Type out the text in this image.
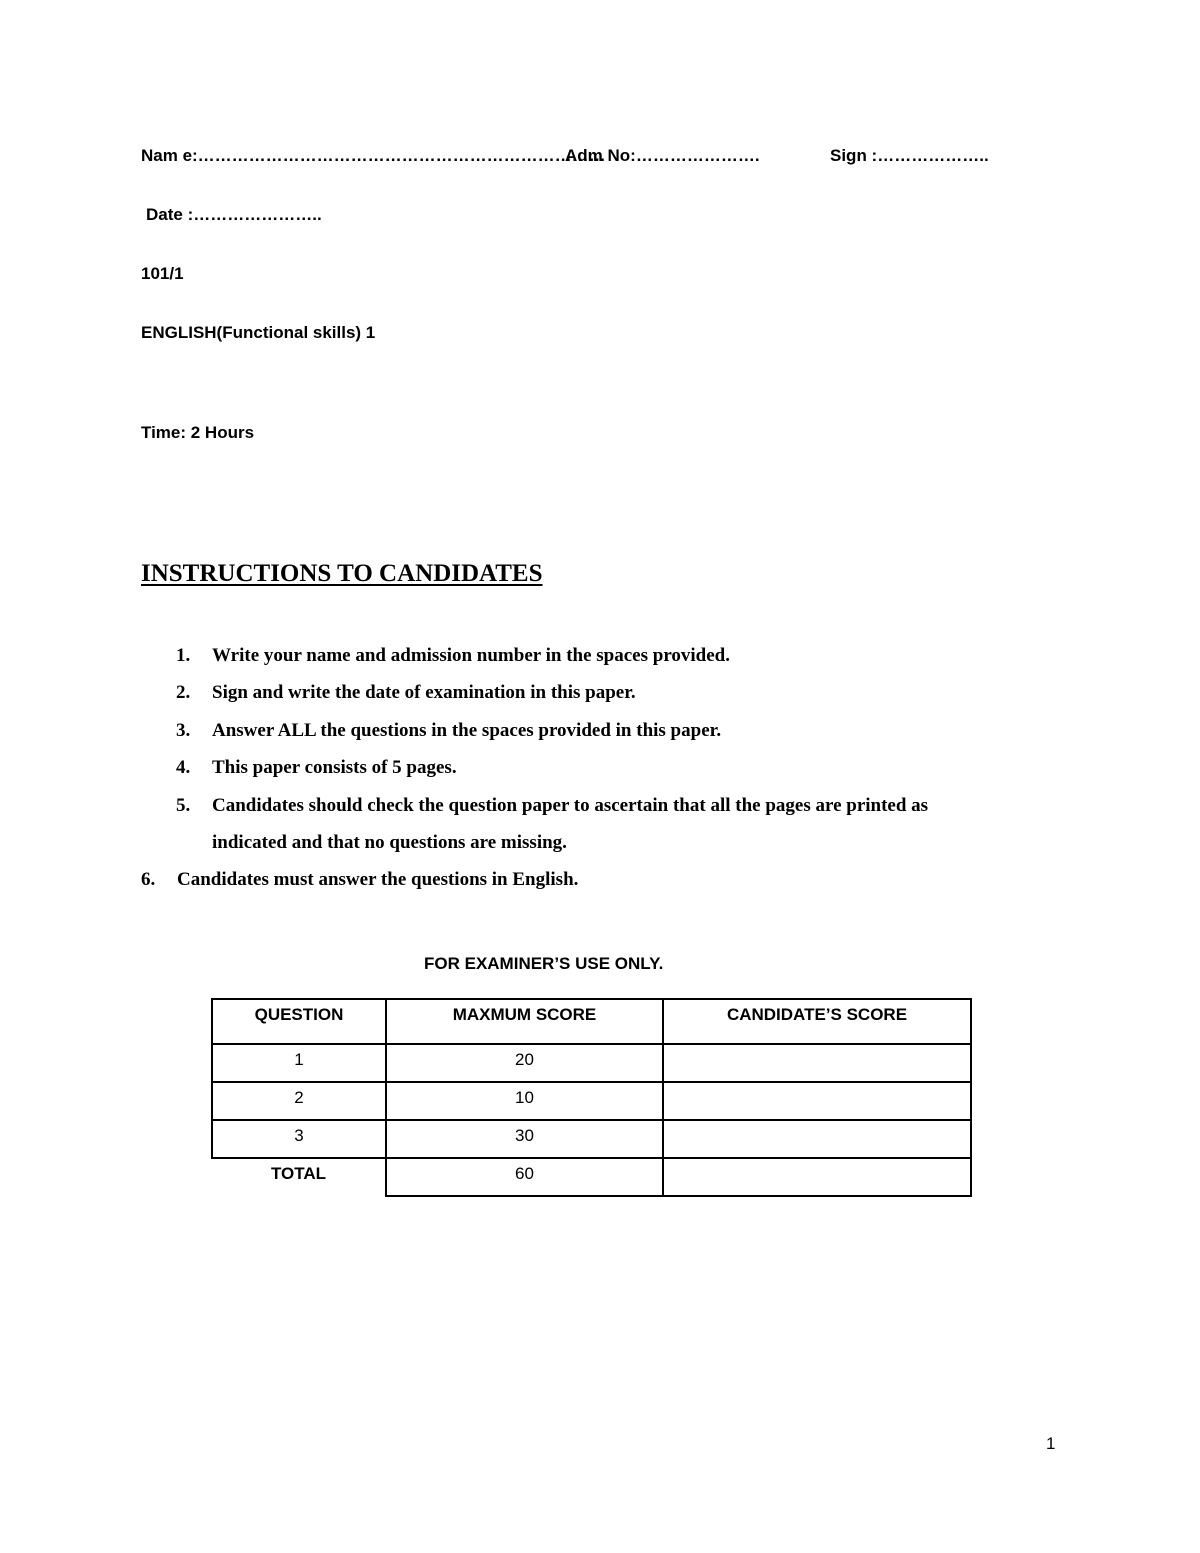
Nam e:………………………………………………………………
Adm No:………………….	Sign :………………..
Date :…………………..
101/1
ENGLISH(Functional skills) 1
Time: 2 Hours
INSTRUCTIONS TO CANDIDATES
1.	Write your name and admission number in the spaces provided.
2.	Sign and write the date of examination in this paper.
3.	Answer ALL the questions in the spaces provided in this paper.
4.	This paper consists of 5 pages.
5.	Candidates should check the question paper to ascertain that all the pages are printed as
indicated and that no questions are missing.
6.	Candidates must answer the questions in English.
FOR EXAMINER’S USE ONLY.
QUESTION	MAXMUM SCORE	CANDIDATE’S SCORE
1	20	
2	10	
3	30	
TOTAL	60	
1
